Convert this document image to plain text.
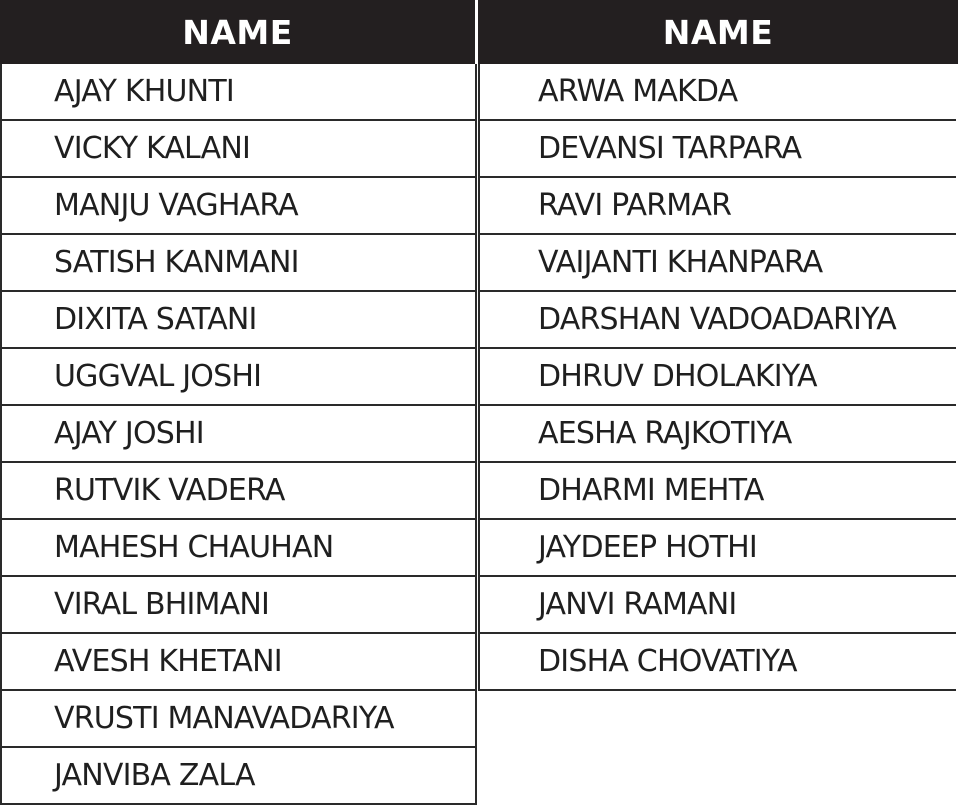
NAME
AJAY KHUNTI
VICKY KALANI
MANJU VAGHARA
SATISH KANMANI
DIXITA SATANI
UGGVAL JOSHI
AJAY JOSHI
RUTVIK VADERA
MAHESH CHAUHAN
VIRAL BHIMANI
AVESH KHETANI
VRUSTI MANAVADARIYA
JANVIBA ZALA
NAME
ARWA MAKDA
DEVANSI TARPARA
RAVI PARMAR
VAIJANTI KHANPARA
DARSHAN VADOADARIYA
DHRUV DHOLAKIYA
AESHA RAJKOTIYA
DHARMI MEHTA
JAYDEEP HOTHI
JANVI RAMANI
DISHA CHOVATIYA
